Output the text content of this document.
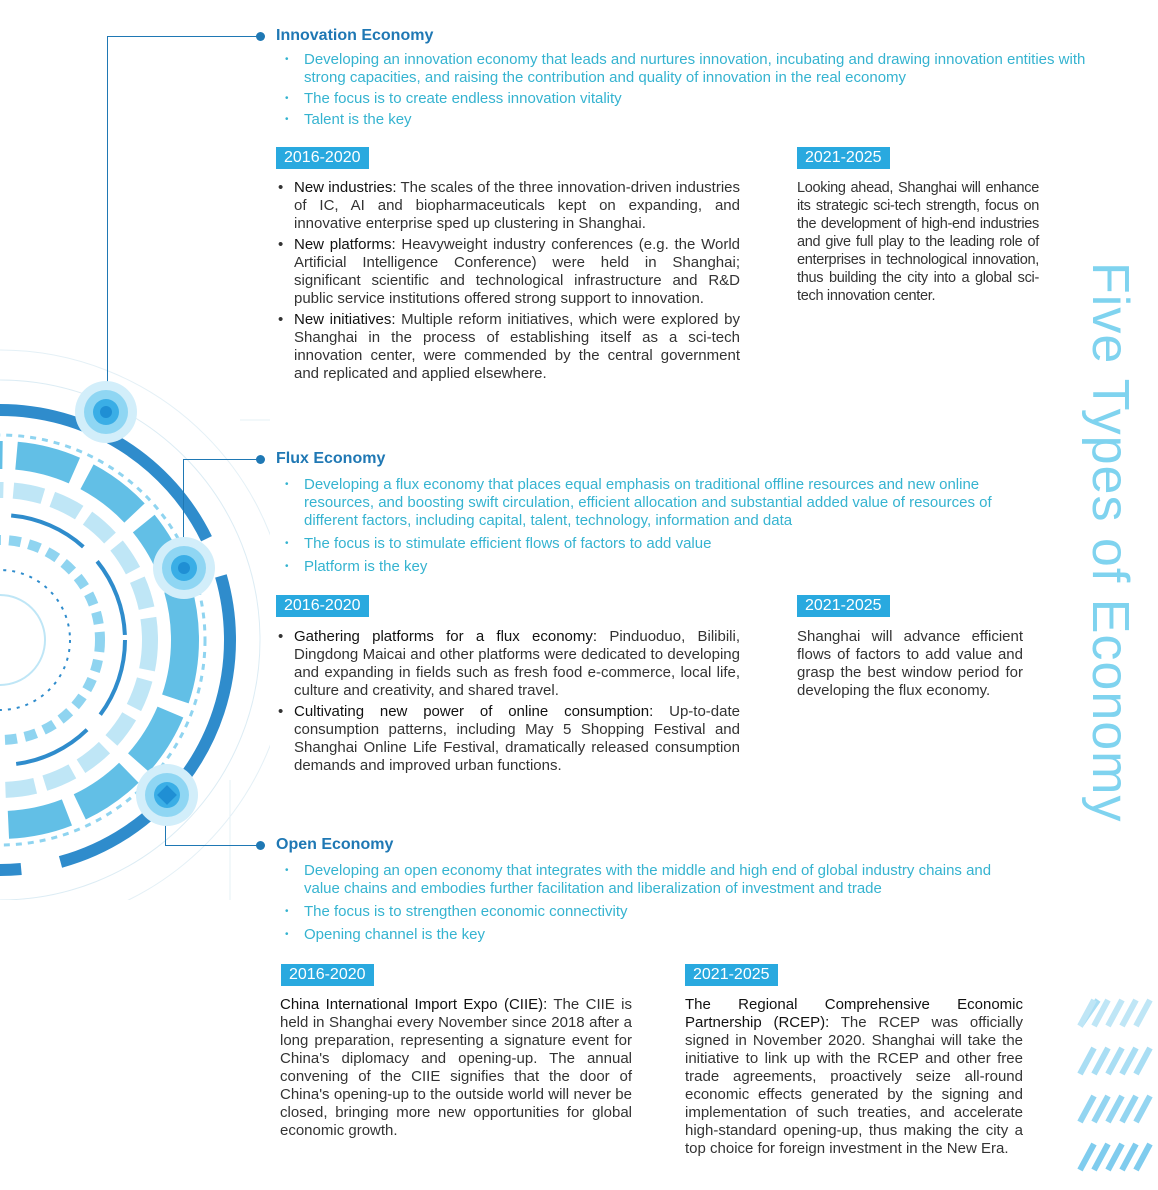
Innovation Economy
• Developing an innovation economy that leads and nurtures innovation, incubating and drawing innovation entities with strong capacities, and raising the contribution and quality of innovation in the real economy
• The focus is to create endless innovation vitality
• Talent is the key
2016-2020
• New industries: The scales of the three innovation-driven industries of IC, AI and biopharmaceuticals kept on expanding, and innovative enterprise sped up clustering in Shanghai.
• New platforms: Heavyweight industry conferences (e.g. the World Artificial Intelligence Conference) were held in Shanghai; significant scientific and technological infrastructure and R&D public service institutions offered strong support to innovation.
• New initiatives: Multiple reform initiatives, which were explored by Shanghai in the process of establishing itself as a sci-tech innovation center, were commended by the central government and replicated and applied elsewhere.
2021-2025

Looking ahead, Shanghai will enhance its strategic sci-tech strength, focus on the development of high-end industries and give full play to the leading role of enterprises in technological innovation, thus building the city into a global sci-tech innovation center.

Flux Economy
• Developing a flux economy that places equal emphasis on traditional offline resources and new online resources, and boosting swift circulation, efficient allocation and substantial added value of resources of different factors, including capital, talent, technology, information and data
• The focus is to stimulate efficient flows of factors to add value
• Platform is the key
2016-2020
• Gathering platforms for a flux economy: Pinduoduo, Bilibili, Dingdong Maicai and other platforms were dedicated to developing and expanding in fields such as fresh food e-commerce, local life, culture and creativity, and shared travel.
• Cultivating new power of online consumption: Up-to-date consumption patterns, including May 5 Shopping Festival and Shanghai Online Life Festival, dramatically released consumption demands and improved urban functions.
2021-2025

Shanghai will advance efficient flows of factors to add value and grasp the best window period for developing the flux economy.

Open Economy
• Developing an open economy that integrates with the middle and high end of global industry chains and value chains and embodies further facilitation and liberalization of investment and trade
• The focus is to strengthen economic connectivity
• Opening channel is the key
2016-2020

China International Import Expo (CIIE): The CIIE is held in Shanghai every November since 2018 after a long preparation, representing a signature event for China's diplomacy and opening-up. The annual convening of the CIIE signifies that the door of China's opening-up to the outside world will never be closed, bringing more new opportunities for global economic growth.

2021-2025

The Regional Comprehensive Economic Partnership (RCEP): The RCEP was officially signed in November 2020. Shanghai will take the initiative to link up with the RCEP and other free trade agreements, proactively seize all-round economic effects generated by the signing and implementation of such treaties, and accelerate high-standard opening-up, thus making the city a top choice for foreign investment in the New Era.

Five Types of Economy
